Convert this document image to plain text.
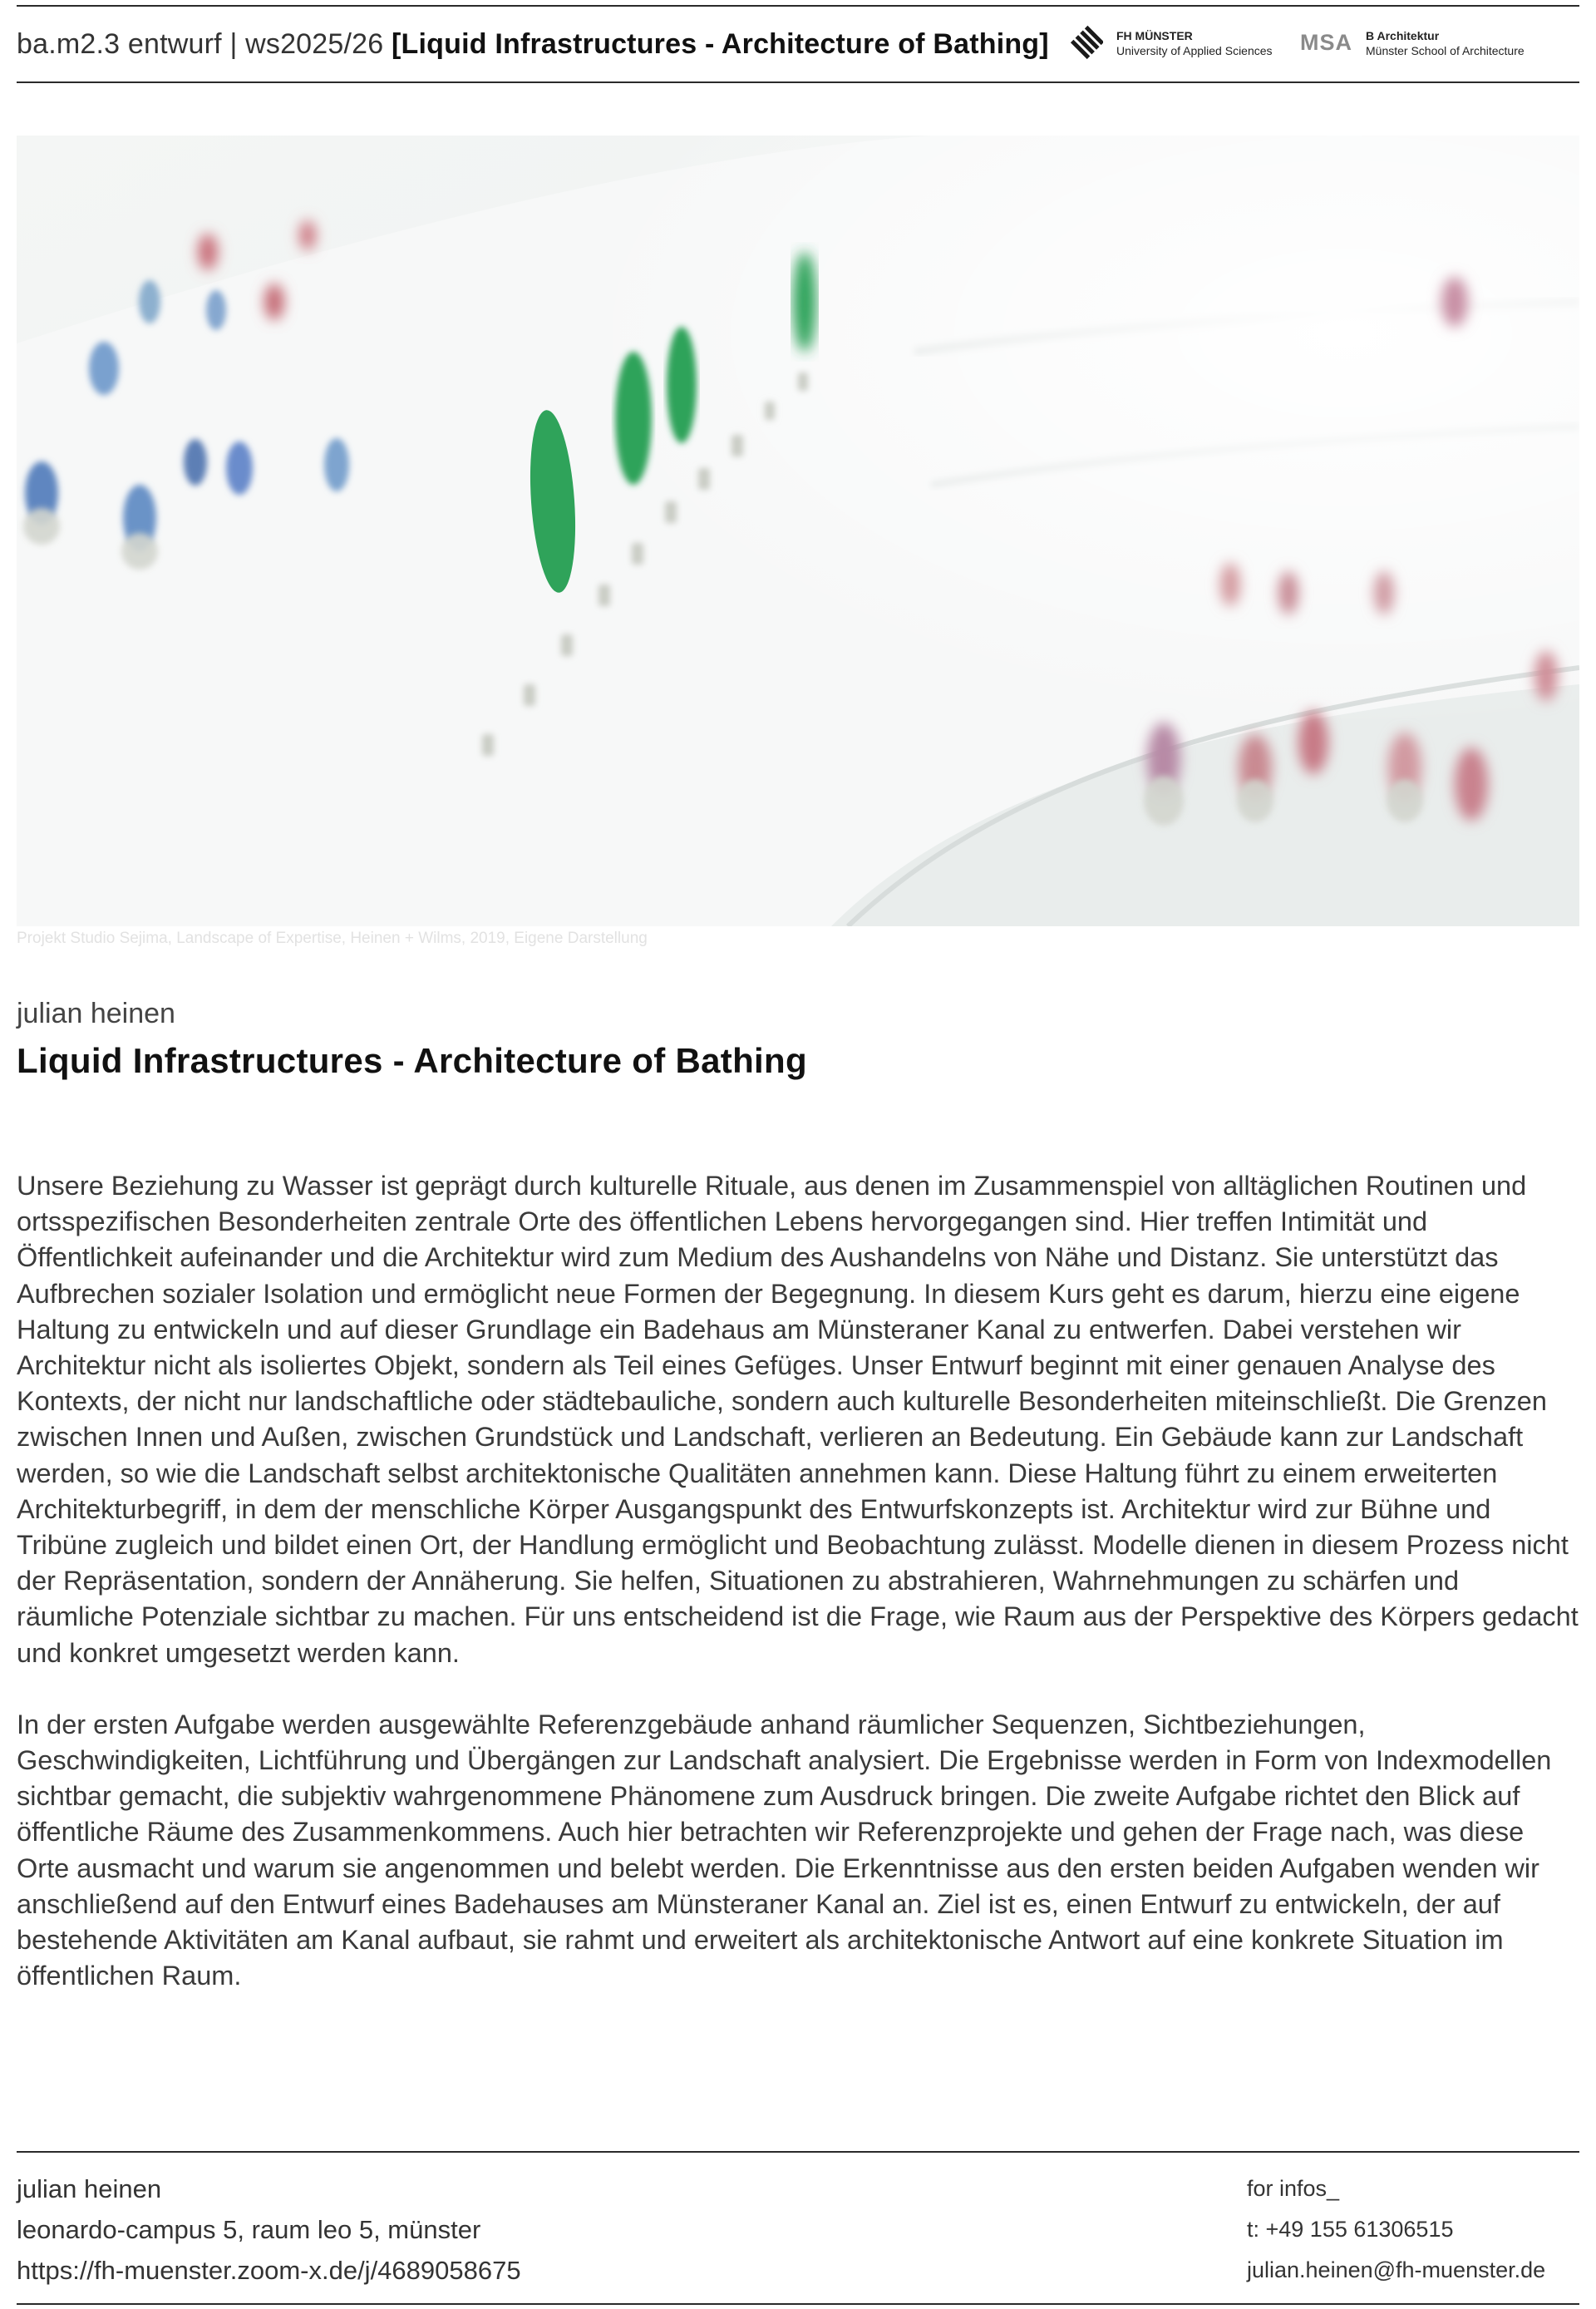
ba.m2.3 entwurf | ws2025/26 [Liquid Infrastructures - Architecture of Bathing]	FH MÜNSTER
University of Applied Sciences MSA B Architektur
Münster School of Architecture
Projekt Studio Sejima, Landscape of Expertise, Heinen + Wilms, 2019, Eigene Darstellung
julian heinen
Liquid Infrastructures - Architecture of Bathing

Unsere Beziehung zu Wasser ist geprägt durch kulturelle Rituale, aus denen im Zusammenspiel von alltäglichen Routinen und ortsspezifischen Besonderheiten zentrale Orte des öffentlichen Lebens hervorgegangen sind. Hier treffen Intimität und Öffentlichkeit aufeinander und die Architektur wird zum Medium des Aushandelns von Nähe und Distanz. Sie unterstützt das Aufbrechen sozialer Isolation und ermöglicht neue Formen der Begegnung. In diesem Kurs geht es darum, hierzu eine eigene Haltung zu entwickeln und auf dieser Grundlage ein Badehaus am Münsteraner Kanal zu entwerfen. Dabei verstehen wir Architektur nicht als isoliertes Objekt, sondern als Teil eines Gefüges. Unser Entwurf beginnt mit einer genauen Analyse des Kontexts, der nicht nur landschaftliche oder städtebauliche, sondern auch kulturelle Besonderheiten miteinschließt. Die Grenzen zwischen Innen und Außen, zwischen Grundstück und Landschaft, verlieren an Bedeutung. Ein Gebäude kann zur Landschaft werden, so wie die Landschaft selbst architektonische Qualitäten annehmen kann. Diese Haltung führt zu einem erweiterten Architekturbegriff, in dem der menschliche Körper Ausgangspunkt des Entwurfskonzepts ist. Architektur wird zur Bühne und Tribüne zugleich und bildet einen Ort, der Handlung ermöglicht und Beobachtung zulässt. Modelle dienen in diesem Prozess nicht der Repräsentation, sondern der Annäherung. Sie helfen, Situationen zu abstrahieren, Wahrnehmungen zu schärfen und räumliche Potenziale sichtbar zu machen. Für uns entscheidend ist die Frage, wie Raum aus der Perspektive des Körpers gedacht und konkret umgesetzt werden kann.

In der ersten Aufgabe werden ausgewählte Referenzgebäude anhand räumlicher Sequenzen, Sichtbeziehungen, Geschwindigkeiten, Lichtführung und Übergängen zur Landschaft analysiert. Die Ergebnisse werden in Form von Indexmodellen sichtbar gemacht, die subjektiv wahrgenommene Phänomene zum Ausdruck bringen. Die zweite Aufgabe richtet den Blick auf öffentliche Räume des Zusammenkommens. Auch hier betrachten wir Referenzprojekte und gehen der Frage nach, was diese Orte ausmacht und warum sie angenommen und belebt werden. Die Erkenntnisse aus den ersten beiden Aufgaben wenden wir anschließend auf den Entwurf eines Badehauses am Münsteraner Kanal an. Ziel ist es, einen Entwurf zu entwickeln, der auf bestehende Aktivitäten am Kanal aufbaut, sie rahmt und erweitert als architektonische Antwort auf eine konkrete Situation im öffentlichen Raum.

julian heinen
leonardo-campus 5, raum leo 5, münster
https://fh-muenster.zoom-x.de/j/4689058675
for infos_
t: +49 155 61306515
julian.heinen@fh-muenster.de
